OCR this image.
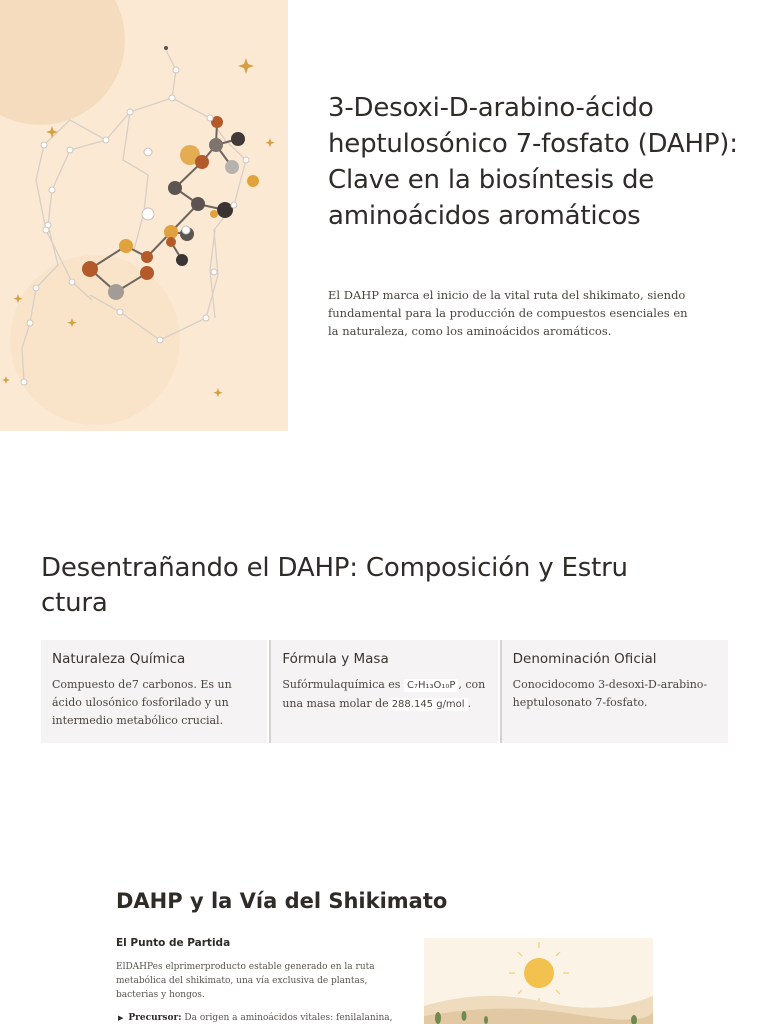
3-Desoxi-D-arabino-ácido heptulosónico 7-fosfato (DAHP): Clave en la biosíntesis de aminoácidos aromáticos

El DAHP marca el inicio de la vital ruta del shikimato, siendo fundamental para la producción de compuestos esenciales en la naturaleza, como los aminoácidos aromáticos.

Desentrañando el DAHP: Composición y Estru ctura
Naturaleza Química
Compuesto de7 carbonos. Es un ácido ulosónico fosforilado y un intermedio metabólico crucial.
Fórmula y Masa
Sufórmulaquímica es C₇H₁₃O₁₀P , con una masa molar de 288.145 g/mol .
Denominación Oficial
Conocidocomo 3-desoxi-D-arabino-heptulosonato 7-fosfato.
DAHP y la Vía del Shikimato
El Punto de Partida

ElDAHPes elprimerproducto estable generado en la ruta metabólica del shikimato, una vía exclusiva de plantas, bacterias y hongos.

▶ Precursor: Da origen a aminoácidos vitales: fenilalanina,
